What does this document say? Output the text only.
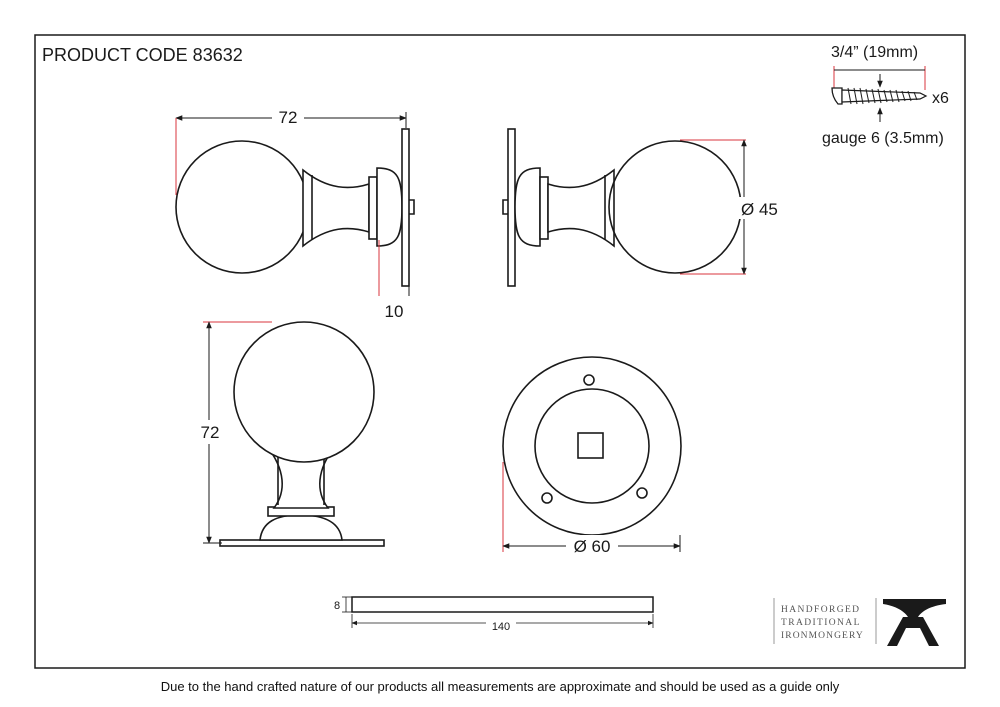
PRODUCT CODE 83632
72
10
Ø 45
3/4” (19mm)
x6
gauge 6 (3.5mm)
72
Ø 60
8
140
HANDFORGED
TRADITIONAL
IRONMONGERY
Due to the hand crafted nature of our products all measurements are approximate and should be used as a guide only
